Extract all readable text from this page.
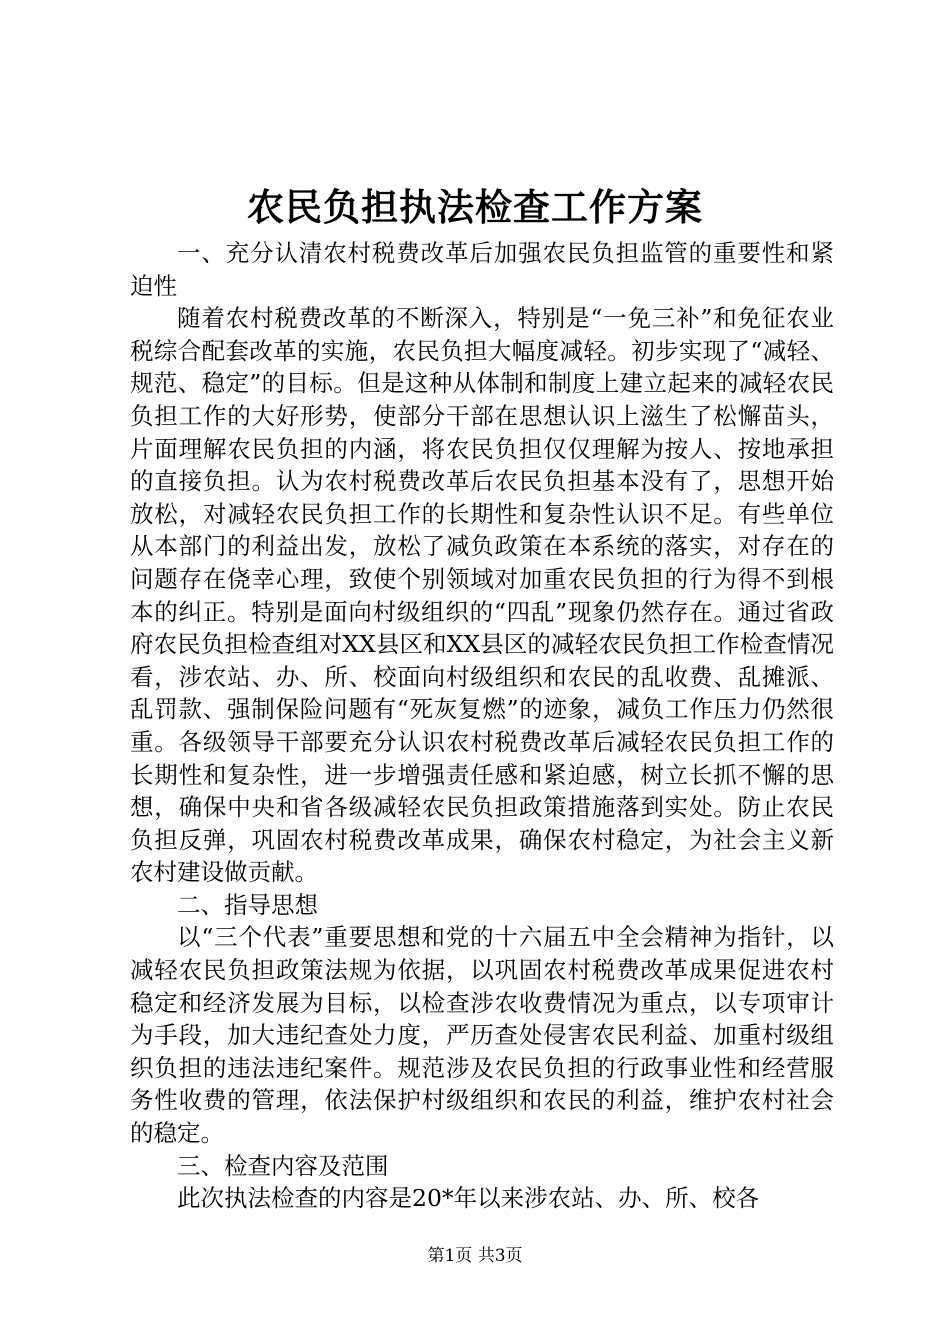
农民负担执法检查工作方案

一、充分认清农村税费改革后加强农民负担监管的重要性和紧迫性

随着农村税费改革的不断深入，特别是“一免三补”和免征农业税综合配套改革的实施，农民负担大幅度减轻。初步实现了“减轻、规范、稳定”的目标。但是这种从体制和制度上建立起来的减轻农民负担工作的大好形势，使部分干部在思想认识上滋生了松懈苗头，片面理解农民负担的内涵，将农民负担仅仅理解为按人、按地承担的直接负担。认为农村税费改革后农民负担基本没有了，思想开始放松，对减轻农民负担工作的长期性和复杂性认识不足。有些单位从本部门的利益出发，放松了减负政策在本系统的落实，对存在的问题存在侥幸心理，致使个别领域对加重农民负担的行为得不到根本的纠正。特别是面向村级组织的“四乱”现象仍然存在。通过省政府农民负担检查组对XX县区和XX县区的减轻农民负担工作检查情况看，涉农站、办、所、校面向村级组织和农民的乱收费、乱摊派、乱罚款、强制保险问题有“死灰复燃”的迹象，减负工作压力仍然很重。各级领导干部要充分认识农村税费改革后减轻农民负担工作的长期性和复杂性，进一步增强责任感和紧迫感，树立长抓不懈的思想，确保中央和省各级减轻农民负担政策措施落到实处。防止农民负担反弹，巩固农村税费改革成果，确保农村稳定，为社会主义新农村建设做贡献。

二、指导思想

以“三个代表”重要思想和党的十六届五中全会精神为指针，以减轻农民负担政策法规为依据，以巩固农村税费改革成果促进农村稳定和经济发展为目标，以检查涉农收费情况为重点，以专项审计为手段，加大违纪查处力度，严历查处侵害农民利益、加重村级组织负担的违法违纪案件。规范涉及农民负担的行政事业性和经营服务性收费的管理，依法保护村级组织和农民的利益，维护农村社会的稳定。

三、检查内容及范围

此次执法检查的内容是20*年以来涉农站、办、所、校各

第1页 共3页
